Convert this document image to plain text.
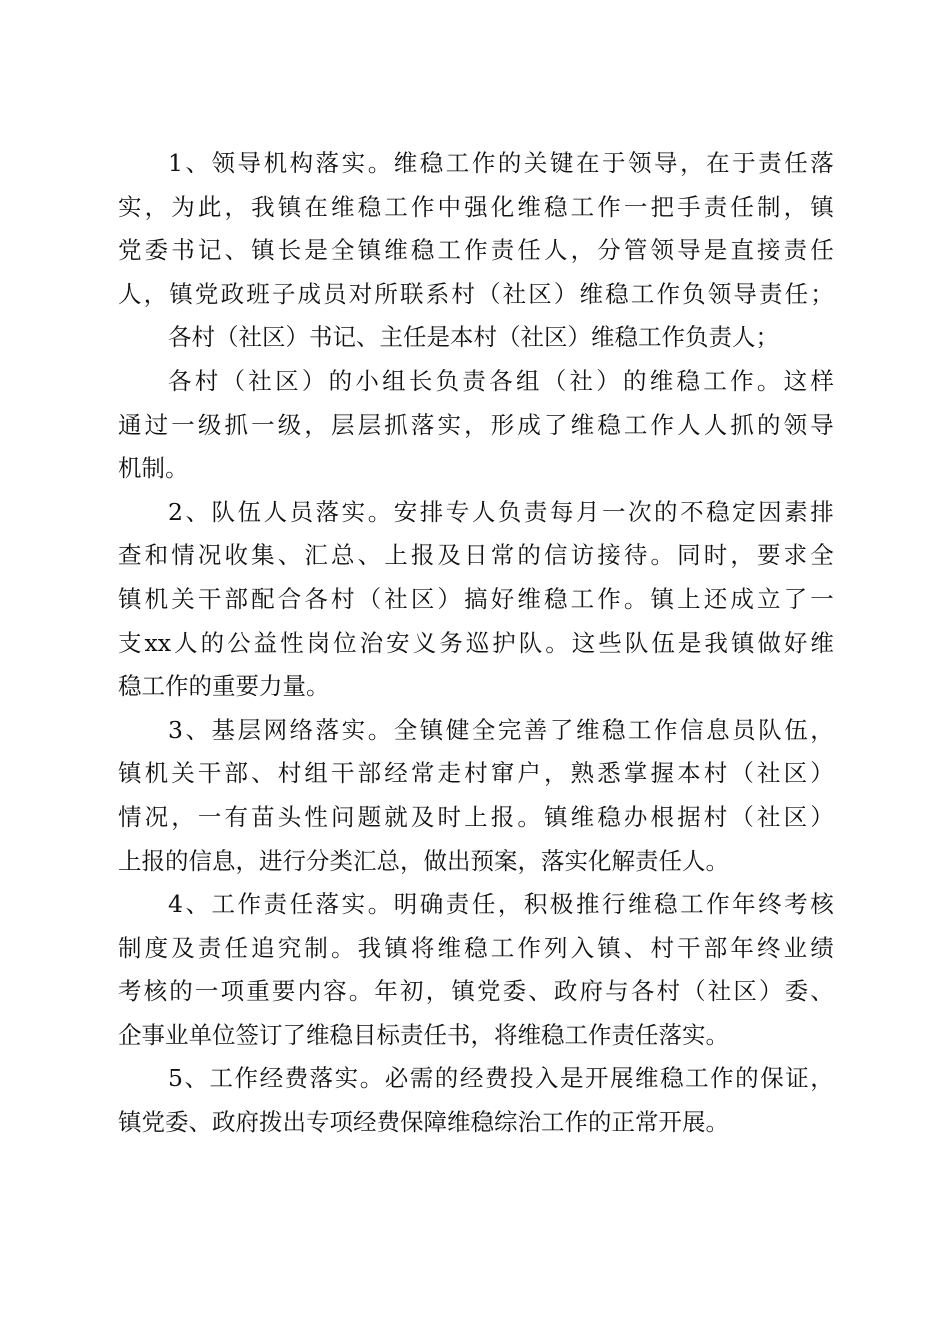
1 、 领 导 机 构 落 实 。 维 稳 工 作 的 关 键 在 于 领 导 ， 在 于 责 任 落
实 ， 为 此 ， 我 镇 在 维 稳 工 作 中 强 化 维 稳 工 作 一 把 手 责 任 制 ， 镇
党 委 书 记 、 镇 长 是 全 镇 维 稳 工 作 责 任 人 ， 分 管 领 导 是 直 接 责 任
人 ， 镇 党 政 班 子 成 员 对 所 联 系 村 （ 社 区 ） 维 稳 工 作 负 领 导 责 任 ；
各 村 （ 社 区 ） 书 记 、 主 任 是 本 村 （ 社 区 ） 维 稳 工 作 负 责 人 ；
各 村 （ 社 区 ） 的 小 组 长 负 责 各 组 （ 社 ） 的 维 稳 工 作 。 这 样
通 过 一 级 抓 一 级 ， 层 层 抓 落 实 ， 形 成 了 维 稳 工 作 人 人 抓 的 领 导
机 制 。
2 、 队 伍 人 员 落 实 。 安 排 专 人 负 责 每 月 一 次 的 不 稳 定 因 素 排
查 和 情 况 收 集 、 汇 总 、 上 报 及 日 常 的 信 访 接 待 。 同 时 ， 要 求 全
镇 机 关 干 部 配 合 各 村 （ 社 区 ） 搞 好 维 稳 工 作 。 镇 上 还 成 立 了 一
支 xx 人 的 公 益 性 岗 位 治 安 义 务 巡 护 队 。 这 些 队 伍 是 我 镇 做 好 维
稳 工 作 的 重 要 力 量 。
3 、 基 层 网 络 落 实 。 全 镇 健 全 完 善 了 维 稳 工 作 信 息 员 队 伍 ，
镇 机 关 干 部 、 村 组 干 部 经 常 走 村 窜 户 ， 熟 悉 掌 握 本 村 （ 社 区 ）
情 况 ， 一 有 苗 头 性 问 题 就 及 时 上 报 。 镇 维 稳 办 根 据 村 （ 社 区 ）
上 报 的 信 息 ， 进 行 分 类 汇 总 ， 做 出 预 案 ， 落 实 化 解 责 任 人 。
4 、 工 作 责 任 落 实 。 明 确 责 任 ， 积 极 推 行 维 稳 工 作 年 终 考 核
制 度 及 责 任 追 究 制 。 我 镇 将 维 稳 工 作 列 入 镇 、 村 干 部 年 终 业 绩
考 核 的 一 项 重 要 内 容 。 年 初 ， 镇 党 委 、 政 府 与 各 村 （ 社 区 ） 委 、
企 事 业 单 位 签 订 了 维 稳 目 标 责 任 书 ， 将 维 稳 工 作 责 任 落 实 。
5 、 工 作 经 费 落 实 。 必 需 的 经 费 投 入 是 开 展 维 稳 工 作 的 保 证 ，
镇 党 委 、 政 府 拨 出 专 项 经 费 保 障 维 稳 综 治 工 作 的 正 常 开 展 。
